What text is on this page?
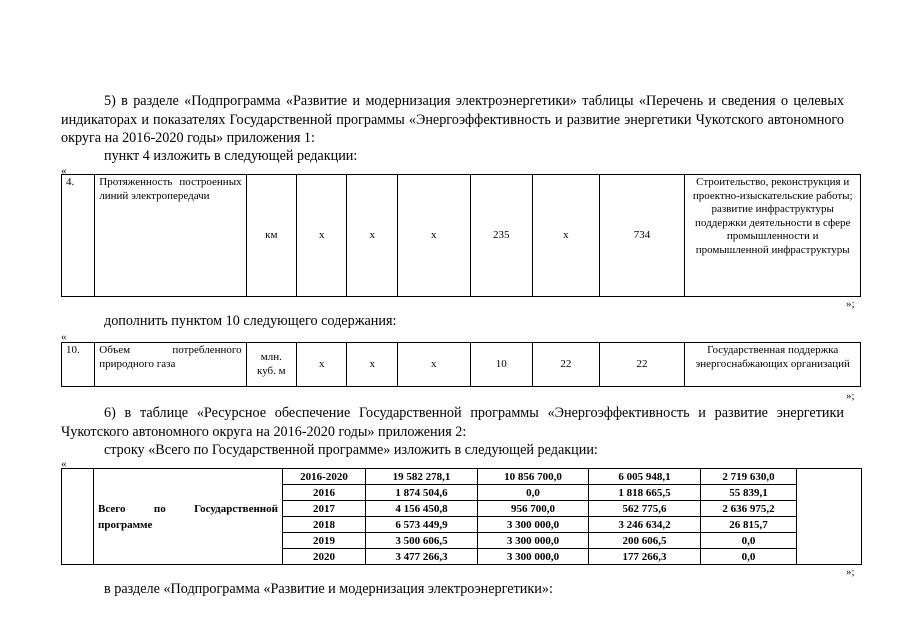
5) в разделе «Подпрограмма «Развитие и модернизация электроэнергетики» таблицы «Перечень и сведения о целевых индикаторах и показателях Государственной программы «Энергоэффективность и развитие энергетики Чукотского автономного округа на 2016-2020 годы» приложения 1:
пункт 4 изложить в следующей редакции:
«
4.	Протяженность построенных линий электропередачи	км	х	х	х	235	х	734	Строительство, реконструкция и проектно-изыскательские работы; развитие инфраструктуры поддержки деятельности в сфере промышленности и промышленной инфраструктуры
»;
дополнить пунктом 10 следующего содержания:
«
10.	Объем потребленного природного газа	млн. куб. м	х	х	х	10	22	22	Государственная поддержка энергоснабжающих организаций
»;
6) в таблице «Ресурсное обеспечение Государственной программы «Энергоэффективность и развитие энергетики Чукотского автономного округа на 2016-2020 годы» приложения 2:
строку «Всего по Государственной программе» изложить в следующей редакции:
«
	Всего по Государственной программе	2016-2020	19 582 278,1	10 856 700,0	6 005 948,1	2 719 630,0	
		2016	1 874 504,6	0,0	1 818 665,5	55 839,1	
		2017	4 156 450,8	956 700,0	562 775,6	2 636 975,2	
		2018	6 573 449,9	3 300 000,0	3 246 634,2	26 815,7	
		2019	3 500 606,5	3 300 000,0	200 606,5	0,0	
		2020	3 477 266,3	3 300 000,0	177 266,3	0,0	
»;
в разделе «Подпрограмма «Развитие и модернизация электроэнергетики»:
